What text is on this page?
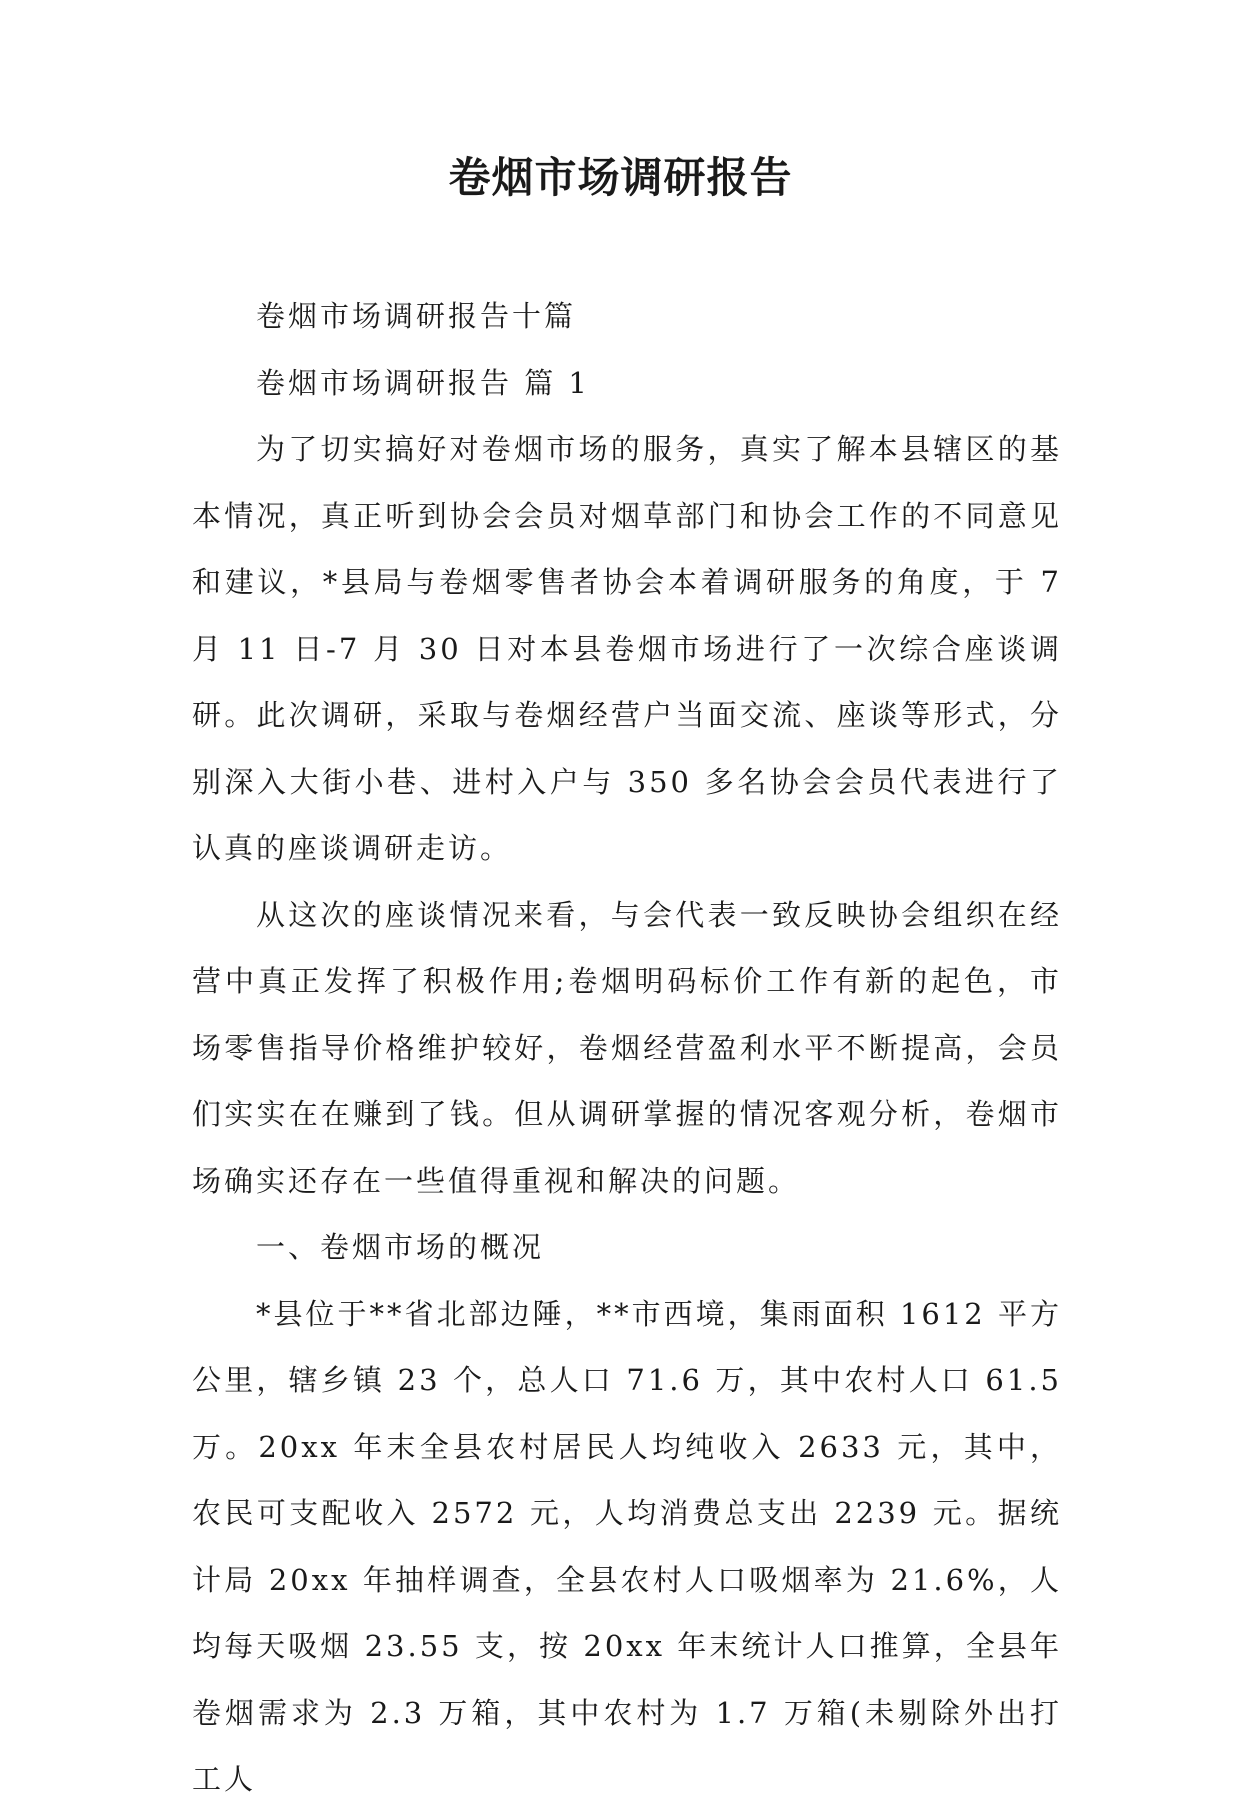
卷烟市场调研报告

卷烟市场调研报告十篇

卷烟市场调研报告 篇 1

为了切实搞好对卷烟市场的服务，真实了解本县辖区的基本情况，真正听到协会会员对烟草部门和协会工作的不同意见和建议，*县局与卷烟零售者协会本着调研服务的角度，于 7 月 11 日-7 月 30 日对本县卷烟市场进行了一次综合座谈调研。此次调研，采取与卷烟经营户当面交流、座谈等形式，分别深入大街小巷、进村入户与 350 多名协会会员代表进行了认真的座谈调研走访。

从这次的座谈情况来看，与会代表一致反映协会组织在经营中真正发挥了积极作用;卷烟明码标价工作有新的起色，市场零售指导价格维护较好，卷烟经营盈利水平不断提高，会员们实实在在赚到了钱。但从调研掌握的情况客观分析，卷烟市场确实还存在一些值得重视和解决的问题。

一、卷烟市场的概况

*县位于**省北部边陲，**市西境，集雨面积 1612 平方公里，辖乡镇 23 个，总人口 71.6 万，其中农村人口 61.5 万。20xx 年末全县农村居民人均纯收入 2633 元，其中，农民可支配收入 2572 元，人均消费总支出 2239 元。据统计局 20xx 年抽样调查，全县农村人口吸烟率为 21.6%，人均每天吸烟 23.55 支，按 20xx 年末统计人口推算，全县年卷烟需求为 2.3 万箱，其中农村为 1.7 万箱(未剔除外出打工人
